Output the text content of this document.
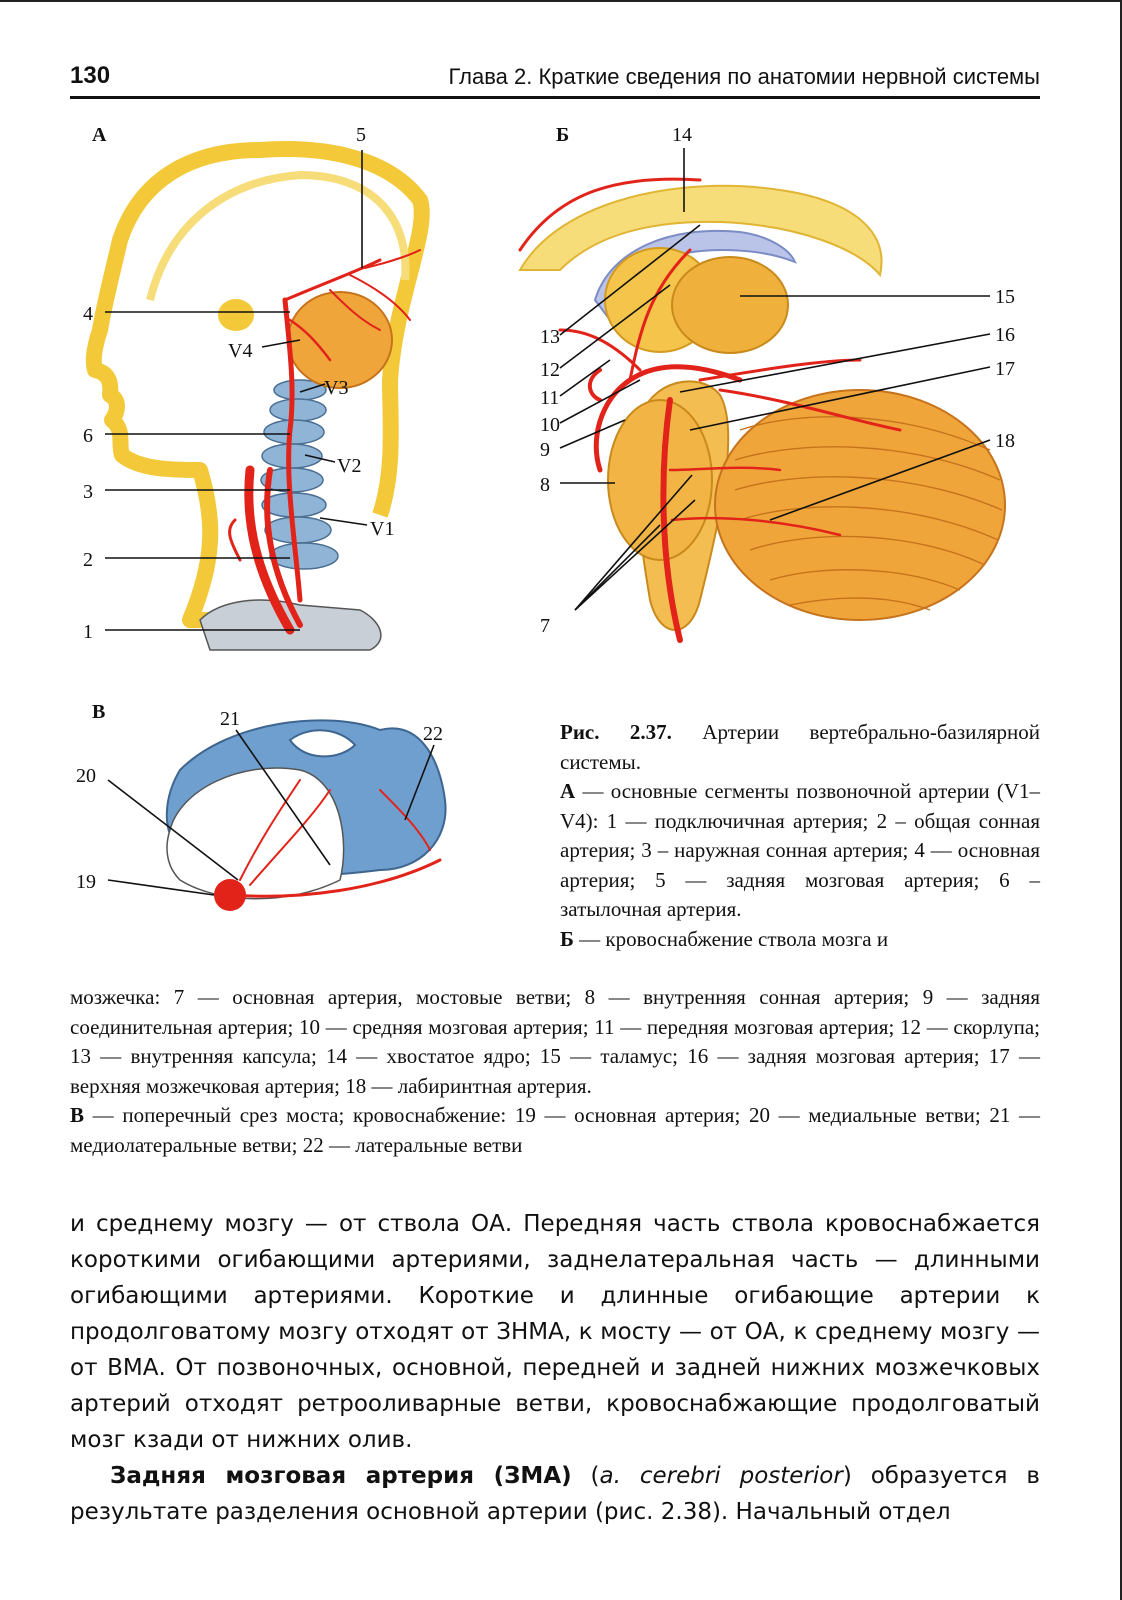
130	Глава 2. Краткие сведения по анатомии нервной системы
А
4
5
6
3
2
1
V4
V3
V2
V1
Б	14
15
16
17
18
13
12
11
10
9
8
7
В	21
22
20
19
Рис. 2.37. Артерии вертебрально-базилярной системы.
А — основные сегменты позвоночной артерии (V1–V4): 1 — подключичная артерия; 2 – общая сонная артерия; 3 – наружная сонная артерия; 4 — основная артерия; 5 — задняя мозговая артерия; 6 – затылочная артерия.
Б — кровоснабжение ствола мозга и
мозжечка: 7 — основная артерия, мостовые ветви; 8 — внутренняя сонная артерия; 9 — задняя соединительная артерия; 10 — средняя мозговая артерия; 11 — передняя мозговая артерия; 12 — скорлупа; 13 — внутренняя капсула; 14 — хвостатое ядро; 15 — таламус; 16 — задняя мозговая артерия; 17 — верхняя мозжечковая артерия; 18 — лабиринтная артерия.
В — поперечный срез моста; кровоснабжение: 19 — основная артерия; 20 — медиальные ветви; 21 — медиолатеральные ветви; 22 — латеральные ветви
и среднему мозгу — от ствола ОА. Передняя часть ствола кровоснабжается короткими огибающими артериями, заднелатеральная часть — длинными огибающими артериями. Короткие и длинные огибающие артерии к продолговатому мозгу отходят от ЗНМА, к мосту — от ОА, к среднему мозгу — от ВМА. От позвоночных, основной, передней и задней нижних мозжечковых артерий отходят ретрооливарные ветви, кровоснабжающие продолговатый мозг кзади от нижних олив.
Задняя мозговая артерия (ЗМА) (a. cerebri posterior) образуется в результате разделения основной артерии (рис. 2.38). Начальный отдел
